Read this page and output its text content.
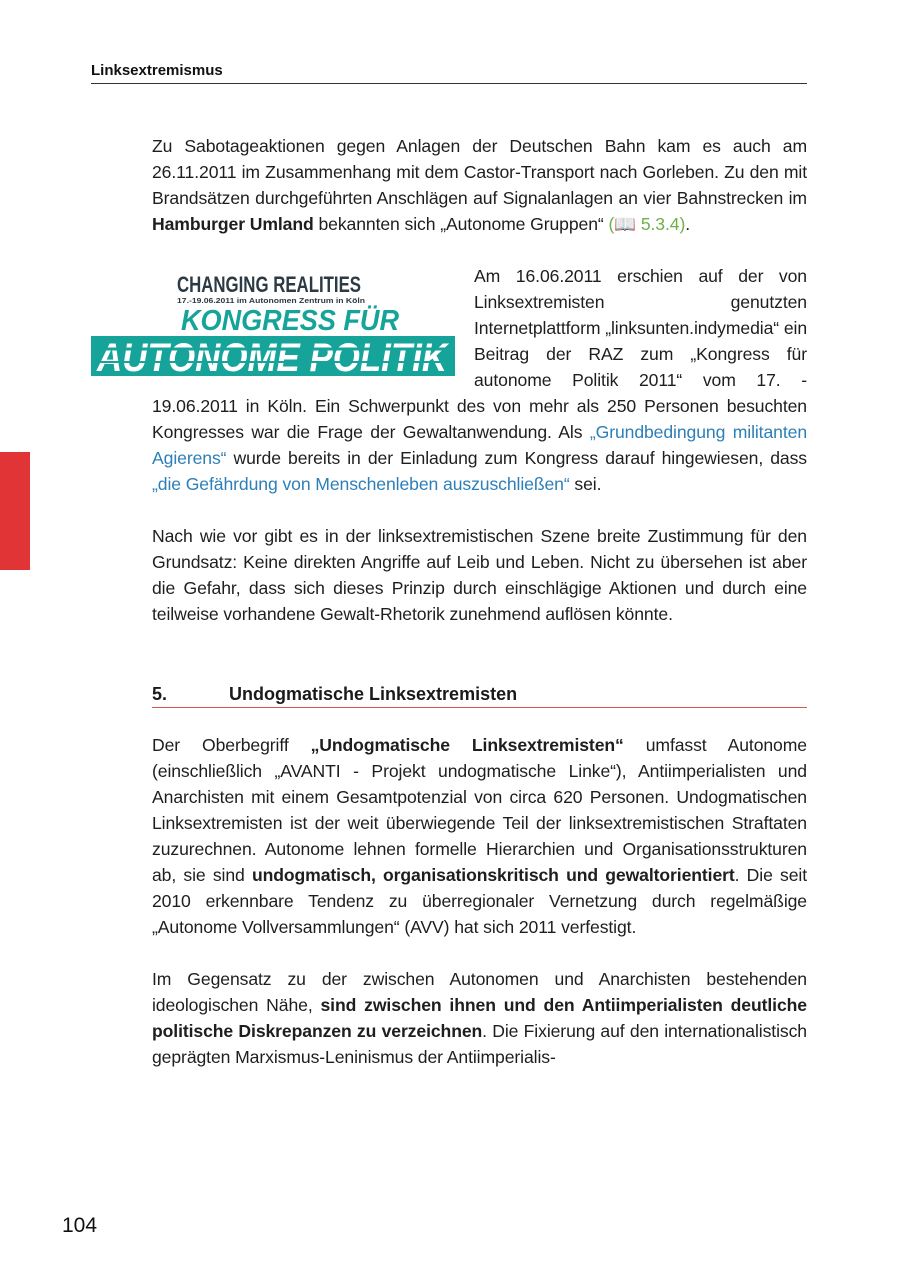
Linksextremismus

Zu Sabotageaktionen gegen Anlagen der Deutschen Bahn kam es auch am 26.11.2011 im Zusammenhang mit dem Castor-Transport nach Gorleben. Zu den mit Brandsätzen durchgeführten Anschlägen auf Signalanlagen an vier Bahnstrecken im Hamburger Umland bekannten sich „Autonome Gruppen“ (📖 5.3.4).

CHANGING REALITIES
17.-19.06.2011 im Autonomen Zentrum in Köln
KONGRESS FÜR
AUTONOME POLITIK

Am 16.06.2011 erschien auf der von Linksextremisten genutzten Internetplattform „linksunten.indymedia“ ein Beitrag der RAZ zum „Kongress für autonome Politik 2011“ vom 17. - 19.06.2011 in Köln. Ein Schwerpunkt des von mehr als 250 Personen besuchten Kongresses war die Frage der Gewaltanwendung. Als „Grundbedingung militanten Agierens“ wurde bereits in der Einladung zum Kongress darauf hingewiesen, dass „die Gefährdung von Menschenleben auszuschließen“ sei.

Nach wie vor gibt es in der linksextremistischen Szene breite Zustimmung für den Grundsatz: Keine direkten Angriffe auf Leib und Leben. Nicht zu übersehen ist aber die Gefahr, dass sich dieses Prinzip durch einschlägige Aktionen und durch eine teilweise vorhandene Gewalt-Rhetorik zunehmend auflösen könnte.

5.	Undogmatische Linksextremisten

Der Oberbegriff „Undogmatische Linksextremisten“ umfasst Autonome (einschließlich „AVANTI - Projekt undogmatische Linke“), Antiimperialisten und Anarchisten mit einem Gesamtpotenzial von circa 620 Personen. Undogmatischen Linksextremisten ist der weit überwiegende Teil der linksextremistischen Straftaten zuzurechnen. Autonome lehnen formelle Hierarchien und Organisationsstrukturen ab, sie sind undogmatisch, organisationskritisch und gewaltorientiert. Die seit 2010 erkennbare Tendenz zu überregionaler Vernetzung durch regelmäßige „Autonome Vollversammlungen“ (AVV) hat sich 2011 verfestigt.

Im Gegensatz zu der zwischen Autonomen und Anarchisten bestehenden ideologischen Nähe, sind zwischen ihnen und den Antiimperialisten deutliche politische Diskrepanzen zu verzeichnen. Die Fixierung auf den internationalistisch geprägten Marxismus-Leninismus der Antiimperialis-

104
